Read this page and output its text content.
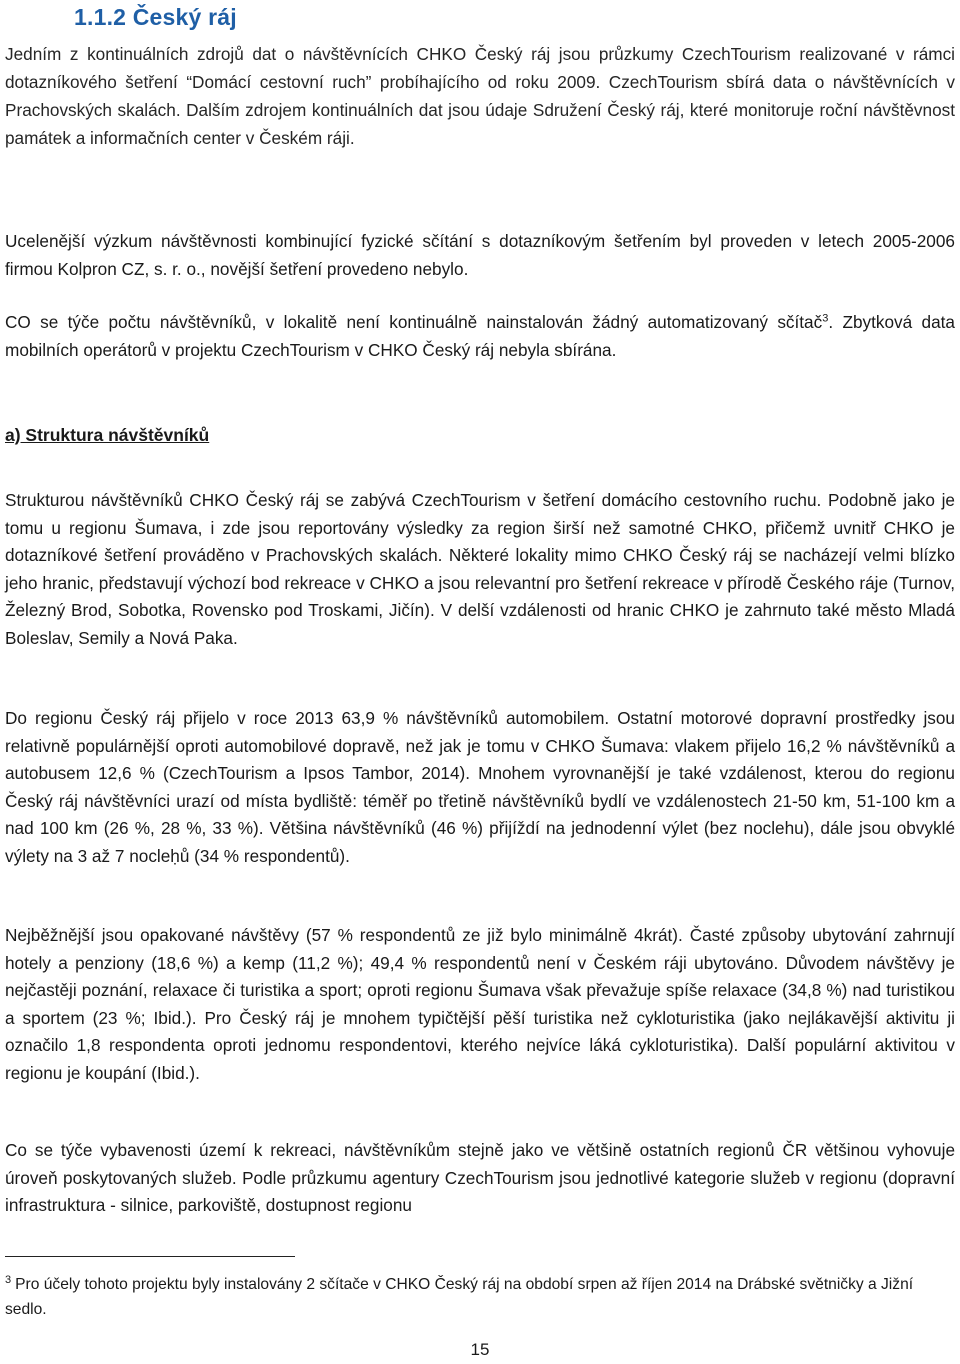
1.1.2 Český ráj

Jedním z kontinuálních zdrojů dat o návštěvnících CHKO Český ráj jsou průzkumy CzechTourism realizované v rámci dotazníkového šetření “Domácí cestovní ruch” probíhajícího od roku 2009. CzechTourism sbírá data o návštěvnících v Prachovských skalách. Dalším zdrojem kontinuálních dat jsou údaje Sdružení Český ráj, které monitoruje roční návštěvnost památek a informačních center v Českém ráji.

Ucelenější výzkum návštěvnosti kombinující fyzické sčítání s dotazníkovým šetřením byl proveden v letech 2005-2006 firmou Kolpron CZ, s. r. o., novější šetření provedeno nebylo.

CO se týče počtu návštěvníků, v lokalitě není kontinuálně nainstalován žádný automatizovaný sčítač$^3$. Zbytková data mobilních operátorů v projektu CzechTourism v CHKO Český ráj nebyla sbírána.

a) Struktura návštěvníků

Strukturou návštěvníků CHKO Český ráj se zabývá CzechTourism v šetření domácího cestovního ruchu. Podobně jako je tomu u regionu Šumava, i zde jsou reportovány výsledky za region širší než samotné CHKO, přičemž uvnitř CHKO je dotazníkové šetření prováděno v Prachovských skalách. Některé lokality mimo CHKO Český ráj se nacházejí velmi blízko jeho hranic, představují výchozí bod rekreace v CHKO a jsou relevantní pro šetření rekreace v přírodě Českého ráje (Turnov, Železný Brod, Sobotka, Rovensko pod Troskami, Jičín). V delší vzdálenosti od hranic CHKO je zahrnuto také město Mladá Boleslav, Semily a Nová Paka.

Do regionu Český ráj přijelo v roce 2013 63,9 % návštěvníků automobilem. Ostatní motorové dopravní prostředky jsou relativně populárnější oproti automobilové dopravě, než jak je tomu v CHKO Šumava: vlakem přijelo 16,2 % návštěvníků a autobusem 12,6 % (CzechTourism a Ipsos Tambor, 2014). Mnohem vyrovnanější je také vzdálenost, kterou do regionu Český ráj návštěvníci urazí od místa bydliště: téměř po třetině návštěvníků bydlí ve vzdálenostech 21-50 km, 51-100 km a nad 100 km (26 %, 28 %, 33 %). Většina návštěvníků (46 %) přijíždí na jednodenní výlet (bez noclehu), dále jsou obvyklé výlety na 3 až 7 nocleḥů (34 % respondentů).

Nejběžnější jsou opakované návštěvy (57 % respondentů ze již bylo minimálně 4krát). Časté způsoby ubytování zahrnují hotely a penziony (18,6 %) a kemp (11,2 %); 49,4 % respondentů není v Českém ráji ubytováno. Důvodem návštěvy je nejčastěji poznání, relaxace či turistika a sport; oproti regionu Šumava však převažuje spíše relaxace (34,8 %) nad turistikou a sportem (23 %; Ibid.). Pro Český ráj je mnohem typičtější pěší turistika než cykloturistika (jako nejlákavější aktivitu ji označilo 1,8 respondenta oproti jednomu respondentovi, kterého nejvíce láká cykloturistika). Další populární aktivitou v regionu je koupání (Ibid.).

Co se týče vybavenosti území k rekreaci, návštěvníkům stejně jako ve většině ostatních regionů ČR většinou vyhovuje úroveň poskytovaných služeb. Podle průzkumu agentury CzechTourism jsou jednotlivé kategorie služeb v regionu (dopravní infrastruktura - silnice, parkoviště, dostupnost regionu

$^3$ Pro účely tohoto projektu byly instalovány 2 sčítače v CHKO Český ráj na období srpen až říjen 2014 na Drábské světničky a Jižní sedlo.

15
